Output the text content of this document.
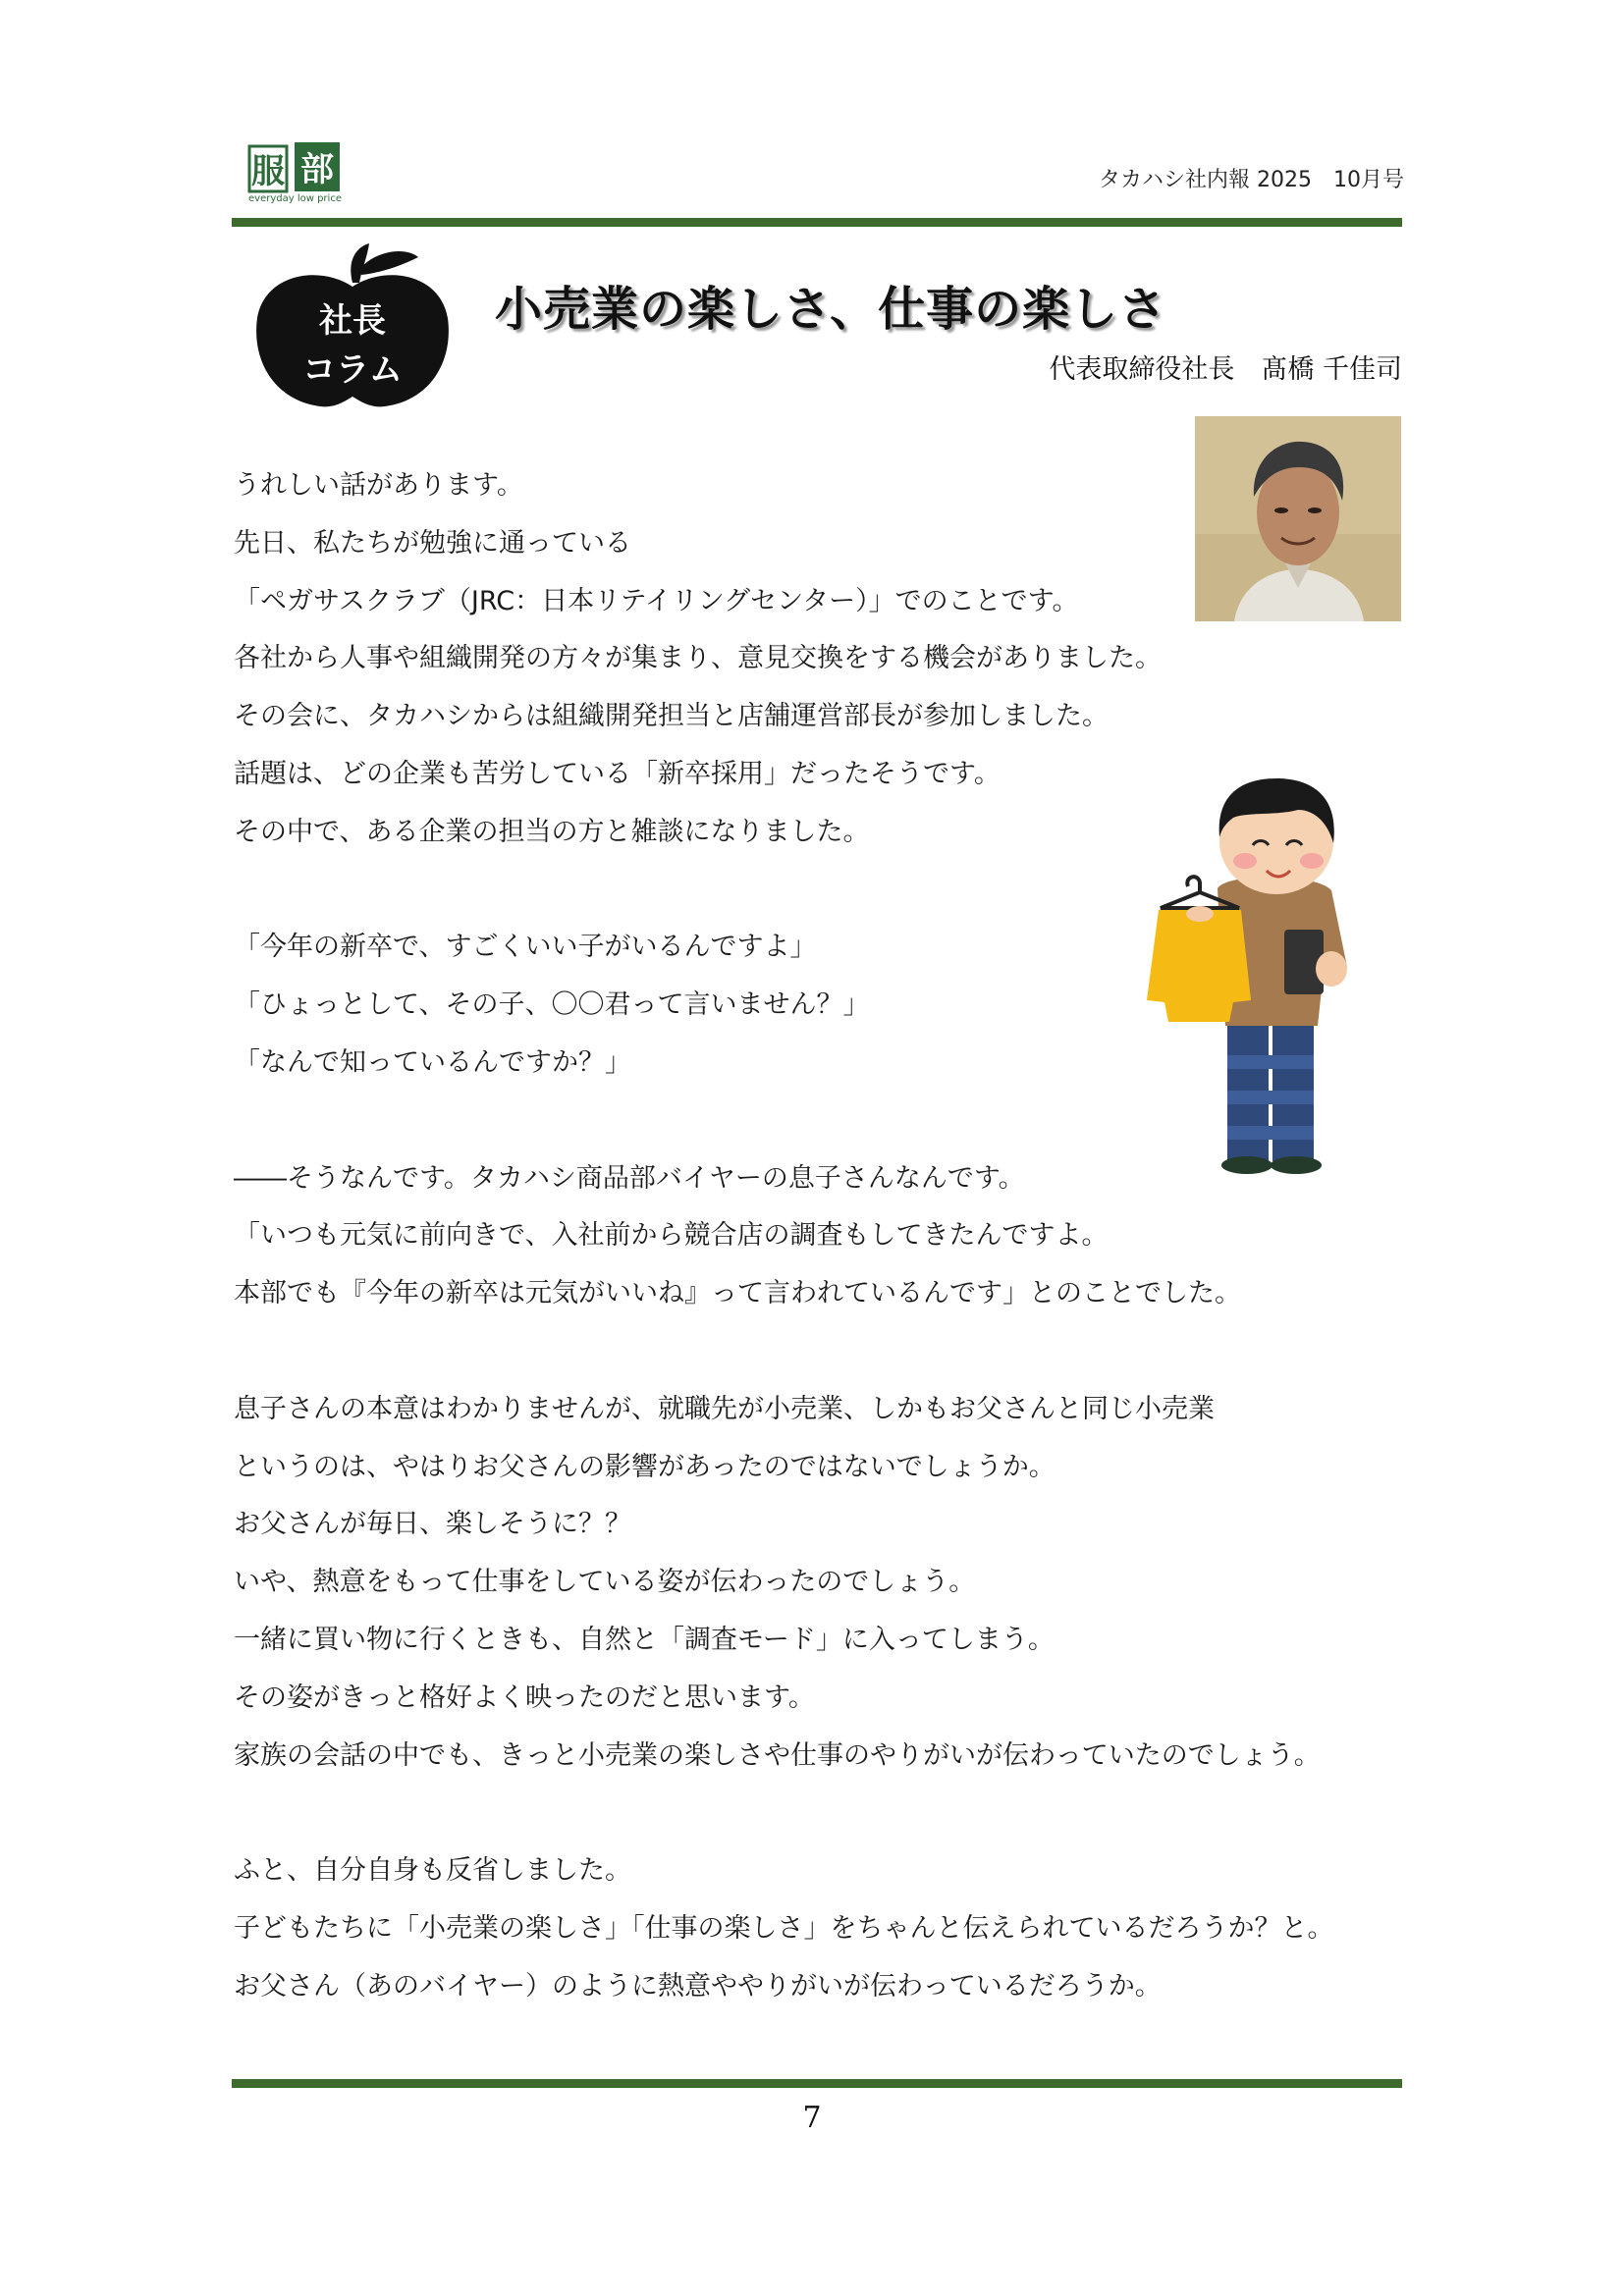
服 部
everyday low price
タカハシ社内報 2025　10月号
社長
コラム
小売業の楽しさ、仕事の楽しさ
代表取締役社長　髙橋 千佳司

うれしい話があります。

先日、私たちが勉強に通っている

「ペガサスクラブ（JRC：日本リテイリングセンター）」でのことです。

各社から人事や組織開発の方々が集まり、意見交換をする機会がありました。

その会に、タカハシからは組織開発担当と店舗運営部長が参加しました。

話題は、どの企業も苦労している「新卒採用」だったそうです。

その中で、ある企業の担当の方と雑談になりました。

「今年の新卒で、すごくいい子がいるんですよ」

「ひょっとして、その子、〇〇君って言いません？」

「なんで知っているんですか？」

――そうなんです。タカハシ商品部バイヤーの息子さんなんです。

「いつも元気に前向きで、入社前から競合店の調査もしてきたんですよ。

本部でも『今年の新卒は元気がいいね』って言われているんです」とのことでした。

息子さんの本意はわかりませんが、就職先が小売業、しかもお父さんと同じ小売業

というのは、やはりお父さんの影響があったのではないでしょうか。

お父さんが毎日、楽しそうに？？

いや、熱意をもって仕事をしている姿が伝わったのでしょう。

一緒に買い物に行くときも、自然と「調査モード」に入ってしまう。

その姿がきっと格好よく映ったのだと思います。

家族の会話の中でも、きっと小売業の楽しさや仕事のやりがいが伝わっていたのでしょう。

ふと、自分自身も反省しました。

子どもたちに「小売業の楽しさ」「仕事の楽しさ」をちゃんと伝えられているだろうか？と。

お父さん（あのバイヤー）のように熱意ややりがいが伝わっているだろうか。

7
